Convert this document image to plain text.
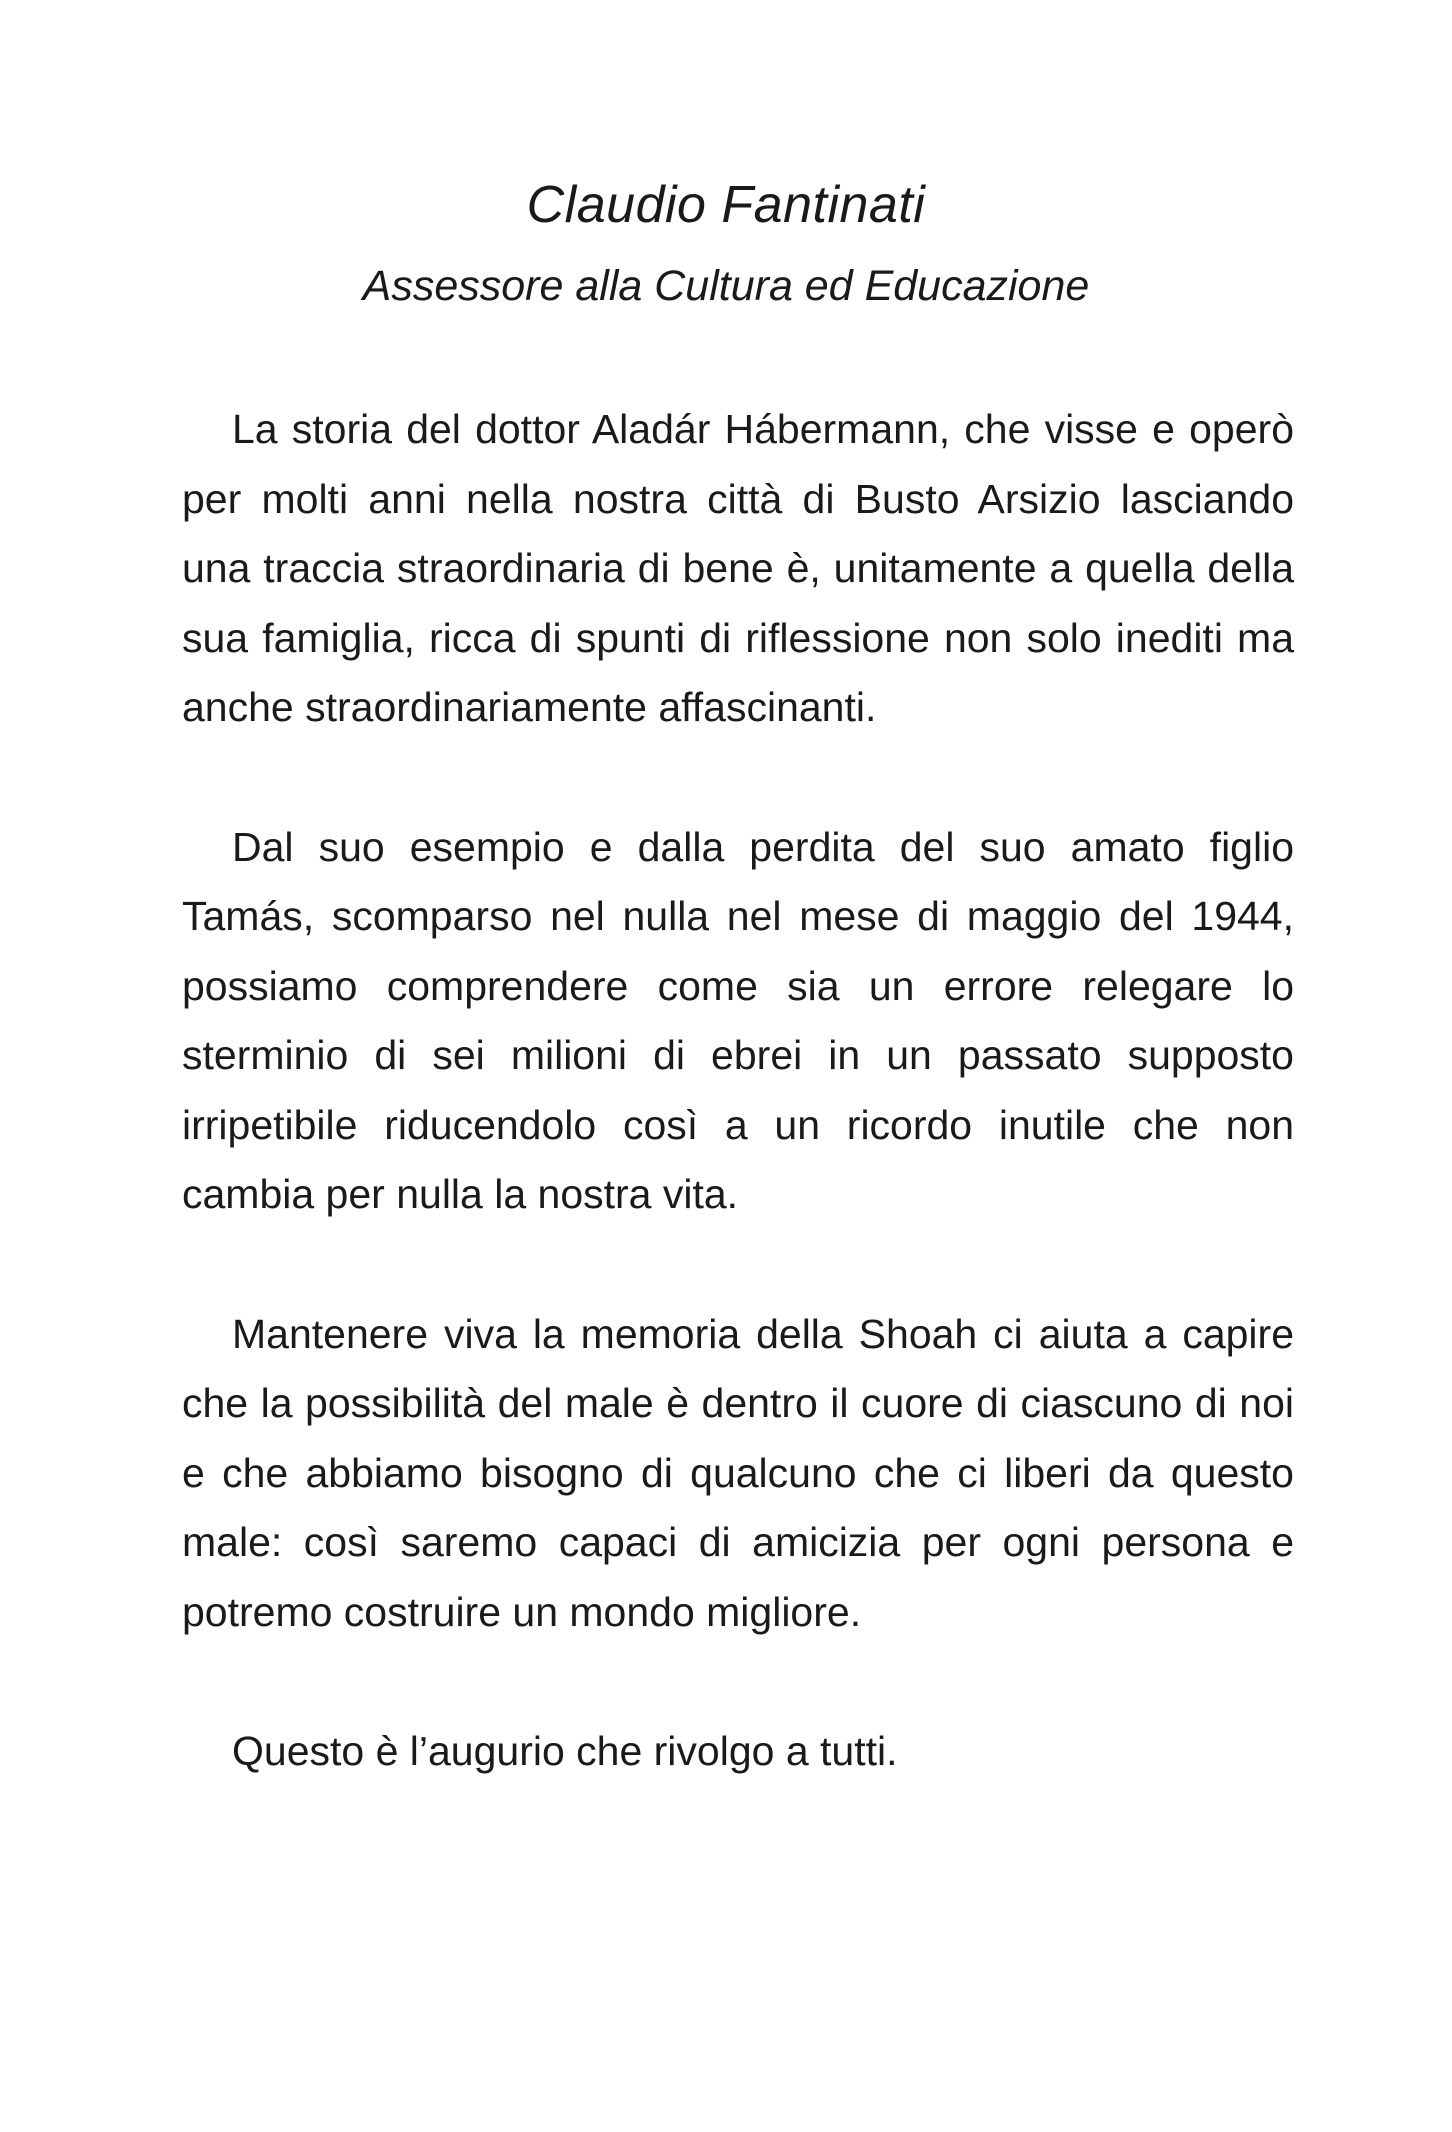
Claudio Fantinati
Assessore alla Cultura ed Educazione

La storia del dottor Aladár Hábermann, che visse e operò per molti anni nella nostra città di Busto Arsizio lasciando una traccia straordinaria di bene è, unitamente a quella della sua famiglia, ricca di spunti di riflessione non solo inediti ma anche straordinariamente affascinanti.

Dal suo esempio e dalla perdita del suo amato figlio Tamás, scomparso nel nulla nel mese di maggio del 1944, possiamo comprendere come sia un errore relegare lo sterminio di sei milioni di ebrei in un passato supposto irripetibile riducendolo così a un ricordo inutile che non cambia per nulla la nostra vita.

Mantenere viva la memoria della Shoah ci aiuta a capire che la possibilità del male è dentro il cuore di ciascuno di noi e che abbiamo bisogno di qualcuno che ci liberi da questo male: così saremo capaci di amicizia per ogni persona e potremo costruire un mondo migliore.

Questo è l’augurio che rivolgo a tutti.
